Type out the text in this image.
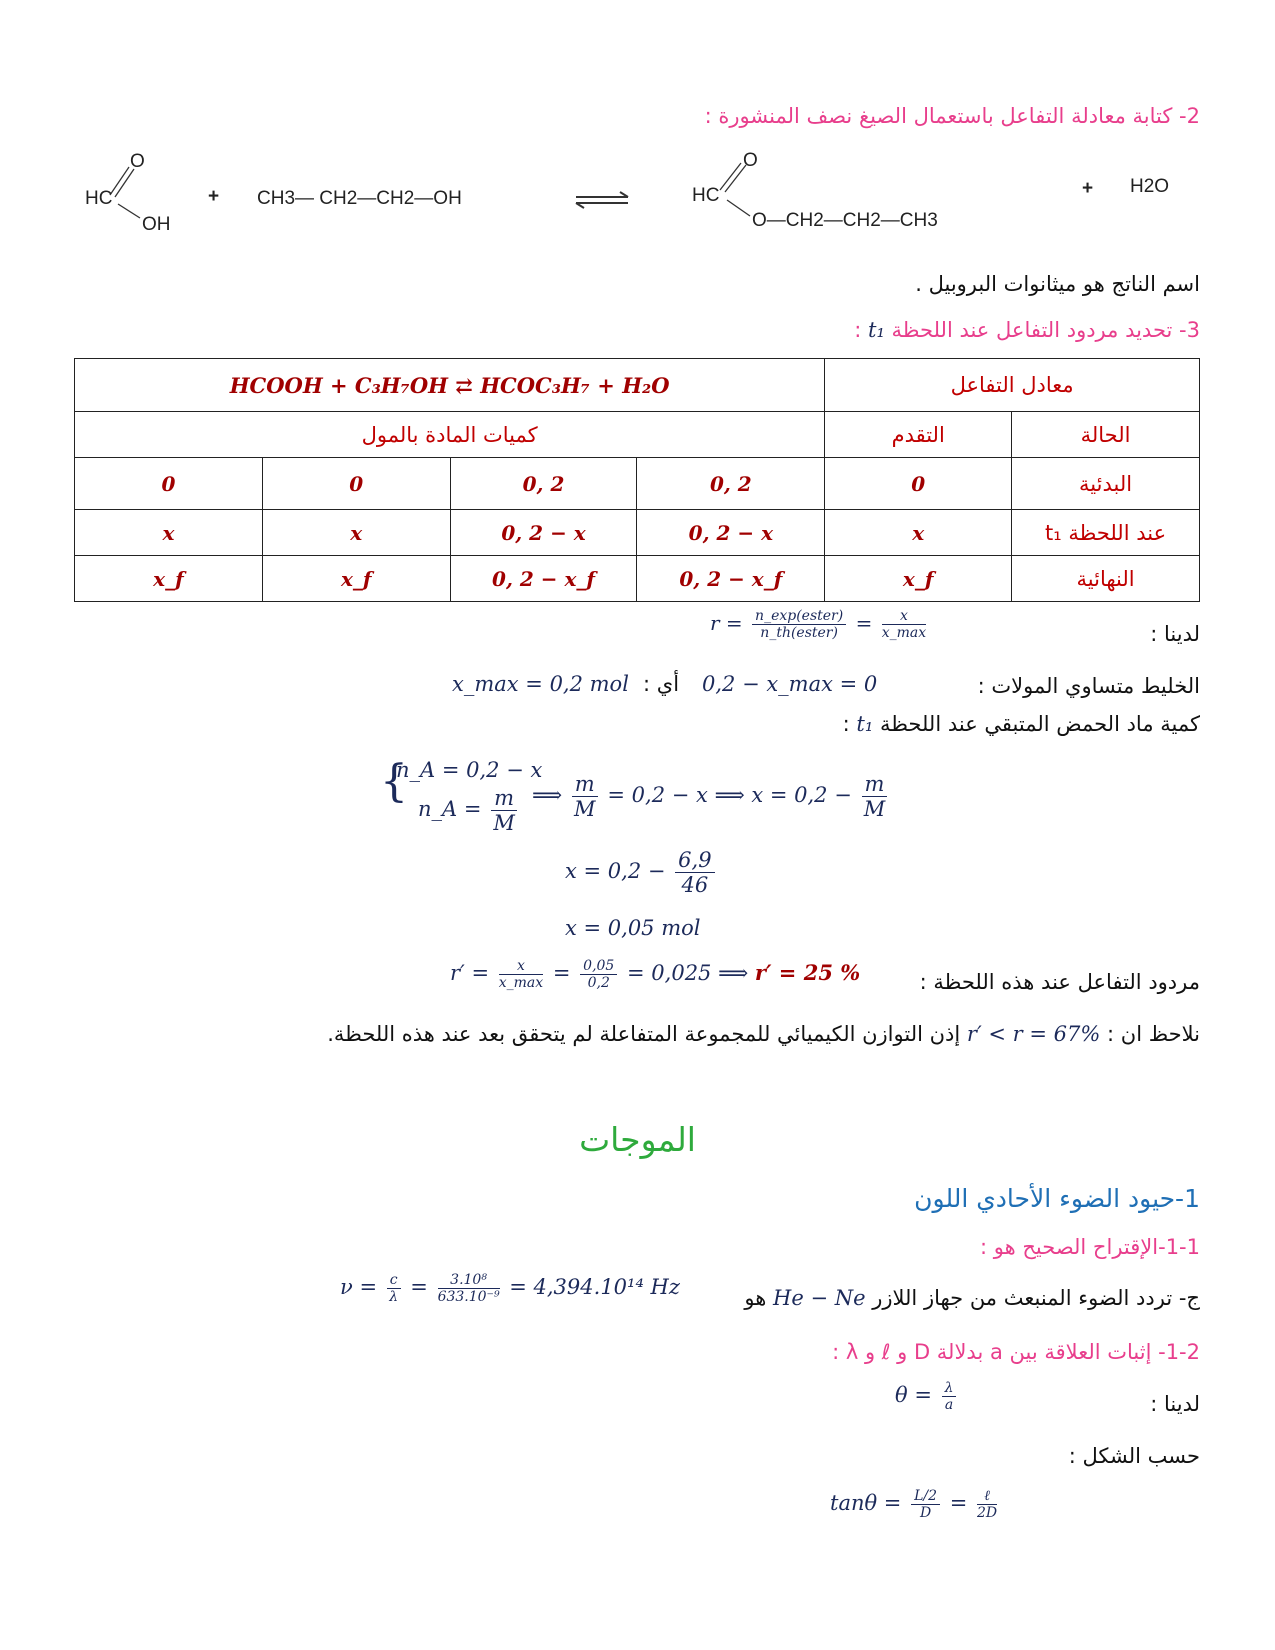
2- كتابة معادلة التفاعل باستعمال الصيغ نصف المنشورة :
O
HC
OH
+ CH3— CH2—CH2—OH
O
HC
O—CH2—CH2—CH3
+ H2O
اسم الناتج هو ميثانوات البروبيل .
3- تحديد مردود التفاعل عند اللحظة t₁ :
HCOOH + C₃H₇OH ⇄ HCOC₃H₇ + H₂O				معادل التفاعل	
كميات المادة بالمول				التقدم	الحالة
0	0	0, 2	0, 2	0	البدئية
x	x	0, 2 − x	0, 2 − x	x	عند اللحظة t₁
x_f	x_f	0, 2 − x_f	0, 2 − x_f	x_f	النهائية
لدينا :
$r = \frac{\text{n\_exp(ester)}}{\text{n\_th(ester)}} = \frac{x}{x\_\max}$
الخليط متساوي المولات :
0,2 − x_max = 0
أي :
x_max = 0,2 mol
كمية ماد الحمض المتبقي عند اللحظة t₁ :
{
n_A = 0,2 − x
n_A = $\frac{m}{M}$ ⟹ $\frac{m}{M} = 0,2 - x$ ⟹ $x = 0,2 - \frac{m}{M}$
$x = 0,2 - \frac{6,9}{46}$
x = 0,05 mol
مردود التفاعل عند هذه اللحظة :
$r' = \frac{x}{x\_\max} = \frac{0,05}{0,2} = 0,025$ ⟹ r′ = 25 %
نلاحظ ان : r′ < r = 67% إذن التوازن الكيميائي للمجموعة المتفاعلة لم يتحقق بعد عند هذه اللحظة.
الموجات
1-حيود الضوء الأحادي اللون
1-1-الإقتراح الصحيح هو :
ج- تردد الضوء المنبعث من جهاز اللازر He − Ne هو
$\nu = \frac{c}{\lambda} = \frac{\text{3.10⁸}}{\text{633.10⁻⁹}} = 4,394.10^{14}$ Hz
1-2- إثبات العلاقة بين a بدلالة D و ℓ و λ :
لدينا :
$\theta = \frac{\lambda}{a}$
حسب الشكل :
$\tan\theta = \frac{L/2}{D} = \frac{\text{ℓ}}{2D}$
